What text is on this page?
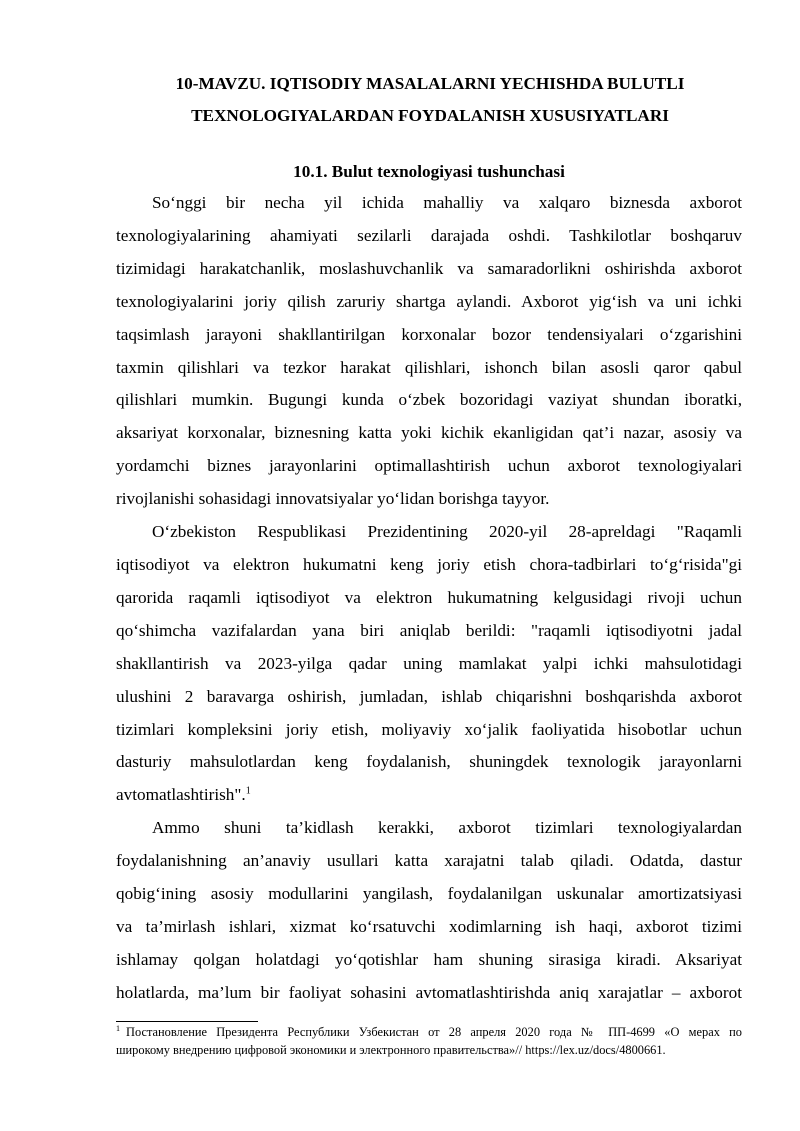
10-MAVZU. IQTISODIY MASALALARNI YECHISHDA BULUTLI
TEXNOLOGIYALARDAN FOYDALANISH XUSUSIYATLARI
10.1. Bulut texnologiyasi tushunchasi

So‘nggi bir necha yil ichida mahalliy va xalqaro biznesda axborot
texnologiyalarining ahamiyati sezilarli darajada oshdi. Tashkilotlar boshqaruv
tizimidagi harakatchanlik, moslashuvchanlik va samaradorlikni oshirishda axborot
texnologiyalarini joriy qilish zaruriy shartga aylandi. Axborot yig‘ish va uni ichki
taqsimlash jarayoni shakllantirilgan korxonalar bozor tendensiyalari o‘zgarishini
taxmin qilishlari va tezkor harakat qilishlari, ishonch bilan asosli qaror qabul
qilishlari mumkin. Bugungi kunda o‘zbek bozoridagi vaziyat shundan iboratki,
aksariyat korxonalar, biznesning katta yoki kichik ekanligidan qat’i nazar, asosiy va
yordamchi biznes jarayonlarini optimallashtirish uchun axborot texnologiyalari
rivojlanishi sohasidagi innovatsiyalar yo‘lidan borishga tayyor.

O‘zbekiston Respublikasi Prezidentining 2020-yil 28-apreldagi "Raqamli
iqtisodiyot va elektron hukumatni keng joriy etish chora-tadbirlari to‘g‘risida"gi
qarorida raqamli iqtisodiyot va elektron hukumatning kelgusidagi rivoji uchun
qo‘shimcha vazifalardan yana biri aniqlab berildi: "raqamli iqtisodiyotni jadal
shakllantirish va 2023-yilga qadar uning mamlakat yalpi ichki mahsulotidagi
ulushini 2 baravarga oshirish, jumladan, ishlab chiqarishni boshqarishda axborot
tizimlari kompleksini joriy etish, moliyaviy xo‘jalik faoliyatida hisobotlar uchun
dasturiy mahsulotlardan keng foydalanish, shuningdek texnologik jarayonlarni
avtomatlashtirish".$^1$

Ammo shuni ta’kidlash kerakki, axborot tizimlari texnologiyalardan
foydalanishning an’anaviy usullari katta xarajatni talab qiladi. Odatda, dastur
qobig‘ining asosiy modullarini yangilash, foydalanilgan uskunalar amortizatsiyasi
va ta’mirlash ishlari, xizmat ko‘rsatuvchi xodimlarning ish haqi, axborot tizimi
ishlamay qolgan holatdagi yo‘qotishlar ham shuning sirasiga kiradi. Aksariyat
holatlarda, ma’lum bir faoliyat sohasini avtomatlashtirishda aniq xarajatlar – axborot

$^1$ Постановление Президента Республики Узбекистан от 28 апреля 2020 года № ПП-4699 «О мерах по
широкому внедрению цифровой экономики и электронного правительства»// https://lex.uz/docs/4800661.
